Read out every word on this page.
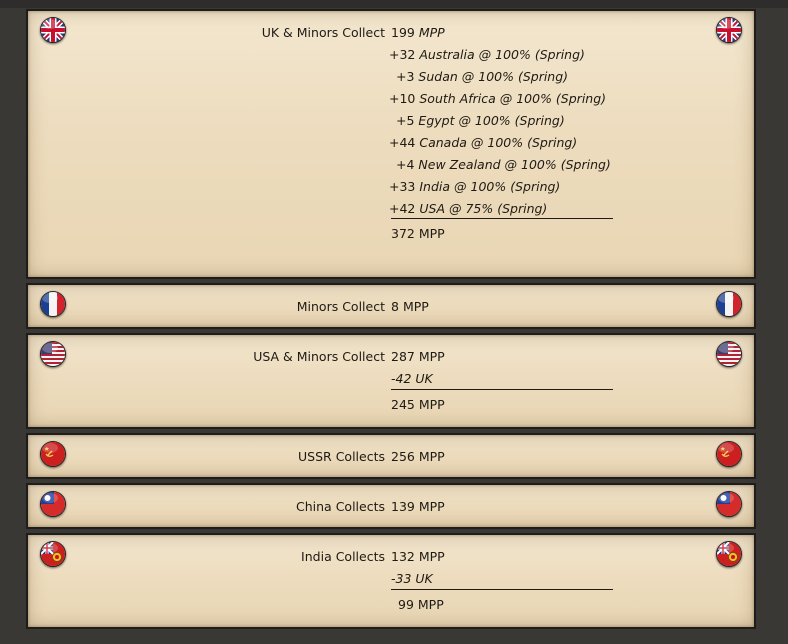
UK & Minors Collect 199 MPP
+32 Australia @ 100% (Spring)
+3 Sudan @ 100% (Spring)
+10 South Africa @ 100% (Spring)
+5 Egypt @ 100% (Spring)
+44 Canada @ 100% (Spring)
+4 New Zealand @ 100% (Spring)
+33 India @ 100% (Spring)
+42 USA @ 75% (Spring)
372 MPP
Minors Collect 8 MPP
USA & Minors Collect 287 MPP
-42 UK
245 MPP
USSR Collects 256 MPP
China Collects 139 MPP
India Collects 132 MPP
-33 UK
99 MPP
